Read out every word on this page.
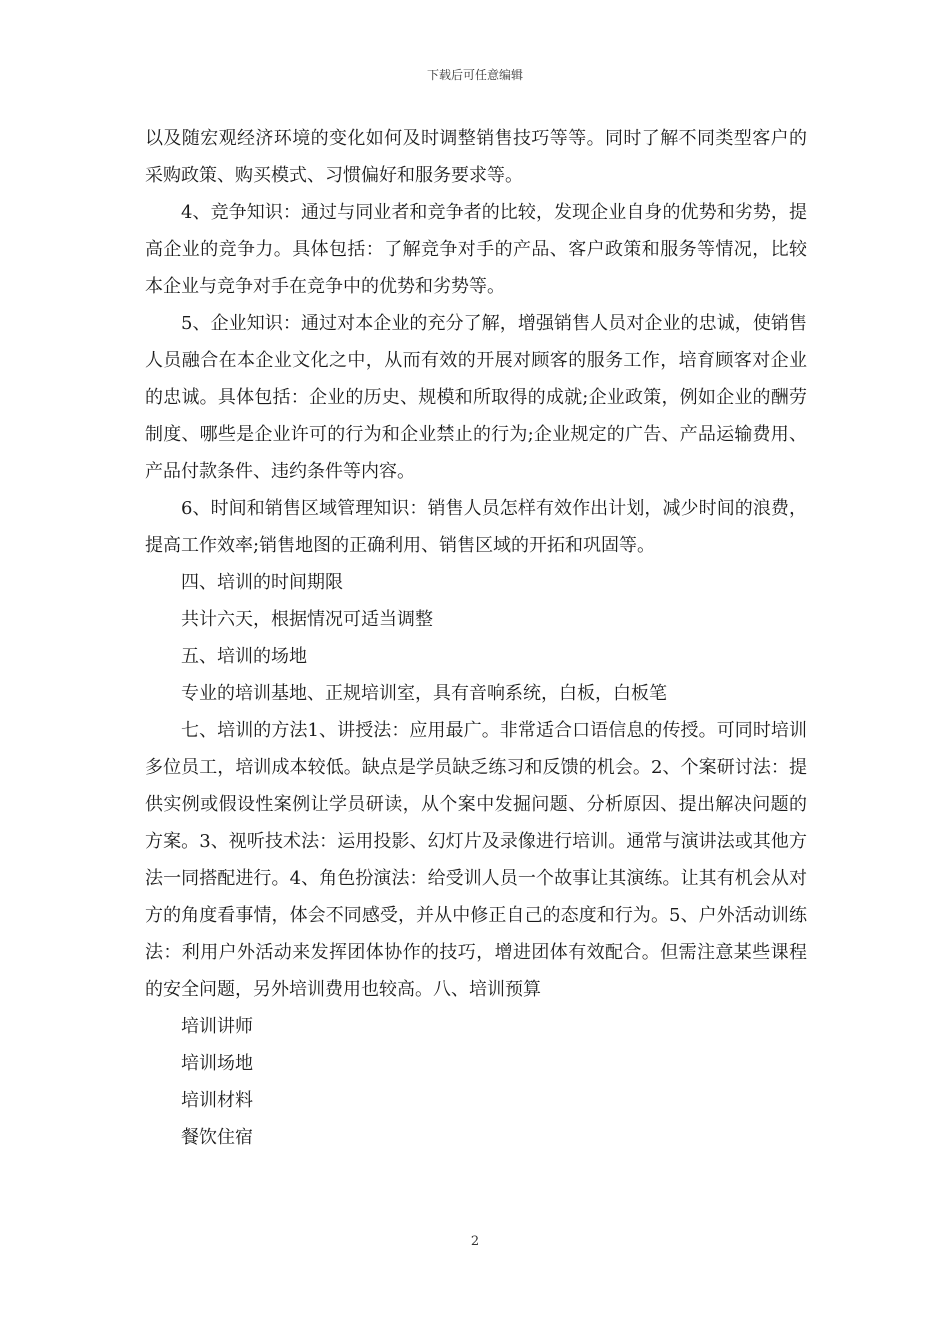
下载后可任意编辑

以及随宏观经济环境的变化如何及时调整销售技巧等等。同时了解不同类型客户的采购政策、购买模式、习惯偏好和服务要求等。

4、竞争知识：通过与同业者和竞争者的比较，发现企业自身的优势和劣势，提高企业的竞争力。具体包括：了解竞争对手的产品、客户政策和服务等情况，比较本企业与竞争对手在竞争中的优势和劣势等。

5、企业知识：通过对本企业的充分了解，增强销售人员对企业的忠诚，使销售人员融合在本企业文化之中，从而有效的开展对顾客的服务工作，培育顾客对企业的忠诚。具体包括：企业的历史、规模和所取得的成就;企业政策，例如企业的酬劳制度、哪些是企业许可的行为和企业禁止的行为;企业规定的广告、产品运输费用、产品付款条件、违约条件等内容。

6、时间和销售区域管理知识：销售人员怎样有效作出计划，减少时间的浪费，提高工作效率;销售地图的正确利用、销售区域的开拓和巩固等。

四、培训的时间期限

共计六天，根据情况可适当调整

五、培训的场地

专业的培训基地、正规培训室，具有音响系统，白板，白板笔

七、培训的方法1、讲授法：应用最广。非常适合口语信息的传授。可同时培训多位员工，培训成本较低。缺点是学员缺乏练习和反馈的机会。2、个案研讨法：提供实例或假设性案例让学员研读，从个案中发掘问题、分析原因、提出解决问题的方案。3、视听技术法：运用投影、幻灯片及录像进行培训。通常与演讲法或其他方法一同搭配进行。4、角色扮演法：给受训人员一个故事让其演练。让其有机会从对方的角度看事情，体会不同感受，并从中修正自己的态度和行为。5、户外活动训练法：利用户外活动来发挥团体协作的技巧，增进团体有效配合。但需注意某些课程的安全问题，另外培训费用也较高。八、培训预算

培训讲师

培训场地

培训材料

餐饮住宿

2
